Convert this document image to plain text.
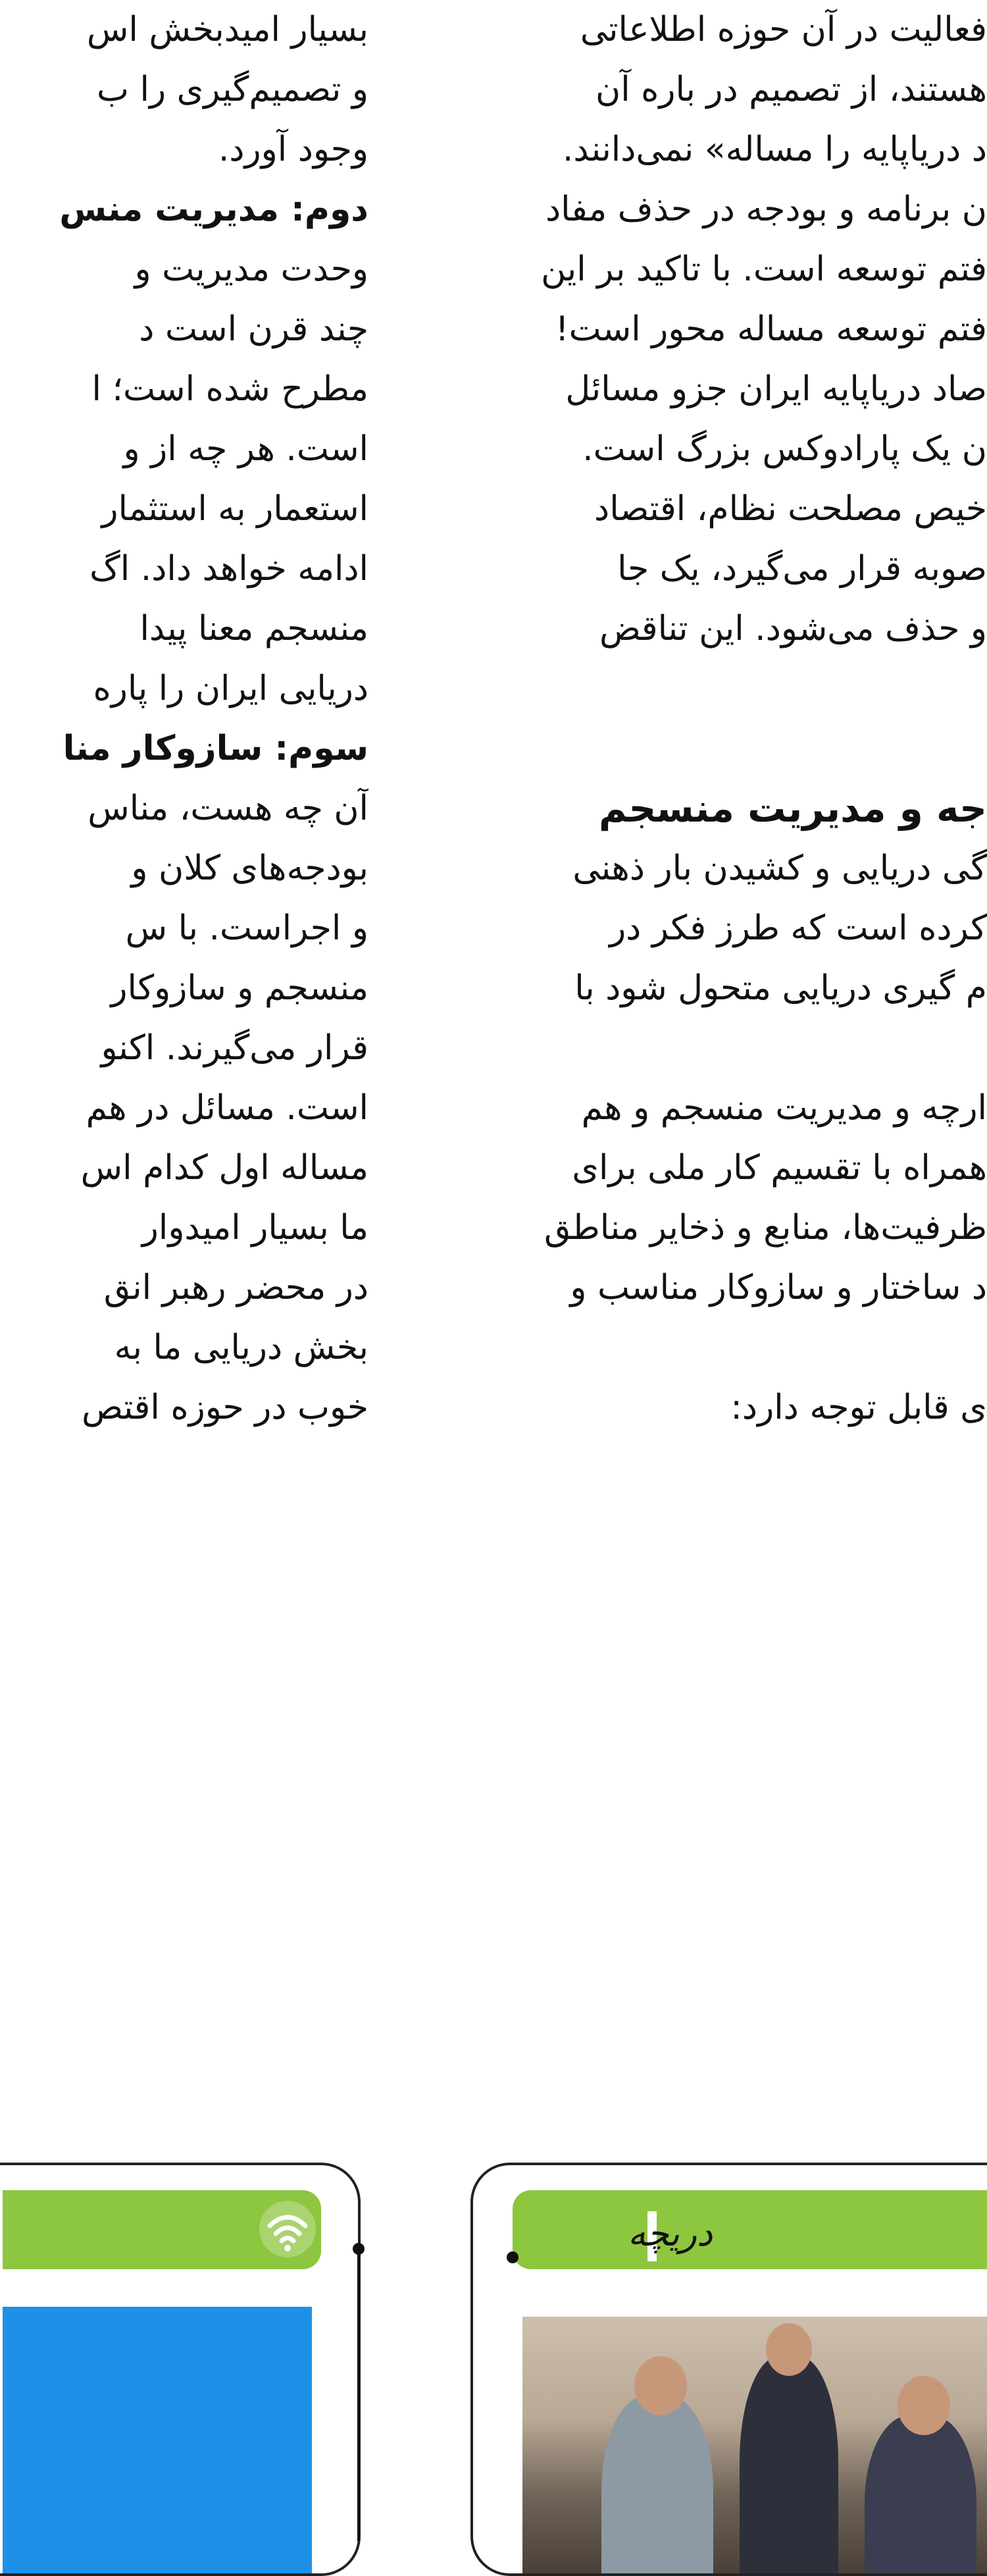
بسیار امیدبخش اس

و تصمیم‌گیری را ب

وجود آورد.

دوم: مدیریت منس

وحدت مدیریت و

چند قرن است د

مطرح شده است؛ ا

است. هر چه از و

استعمار به استثمار

ادامه خواهد داد. اگ

منسجم معنا پیدا

دریایی ایران را پاره

سوم: سازوکار منا

آن چه هست، مناس

بودجه‌های کلان و

و اجراست. با س

منسجم و سازوکار

قرار می‌گیرند. اکنو

است. مسائل در هم

مساله اول کدام اس

ما بسیار امیدوار

در محضر رهبر انق

بخش دریایی ما به

خوب در حوزه اقتص

فعالیت در آن حوزه اطلاعاتی

هستند، از تصمیم در باره آن

د دریاپایه را مساله» نمی‌دانند.

ن برنامه و بودجه در حذف مفاد

فتم توسعه است. با تاکید بر این

فتم توسعه مساله محور است!

صاد دریاپایه ایران جزو مسائل

ن یک پارادوکس بزرگ است.

خیص مصلحت نظام، اقتصاد

صوبه قرار می‌گیرد، یک جا

و حذف می‌شود. این تناقض

جه و مدیریت منسجم

گی دریایی و کشیدن بار ذهنی

کرده است که طرز فکر در

م گیری دریایی متحول شود با

ارچه و مدیریت منسجم و هم

همراه با تقسیم کار ملی برای

ظرفیت‌ها، منابع و ذخایر مناطق

د ساختار و سازوکار مناسب و

ی قابل توجه دارد:

دریچه
